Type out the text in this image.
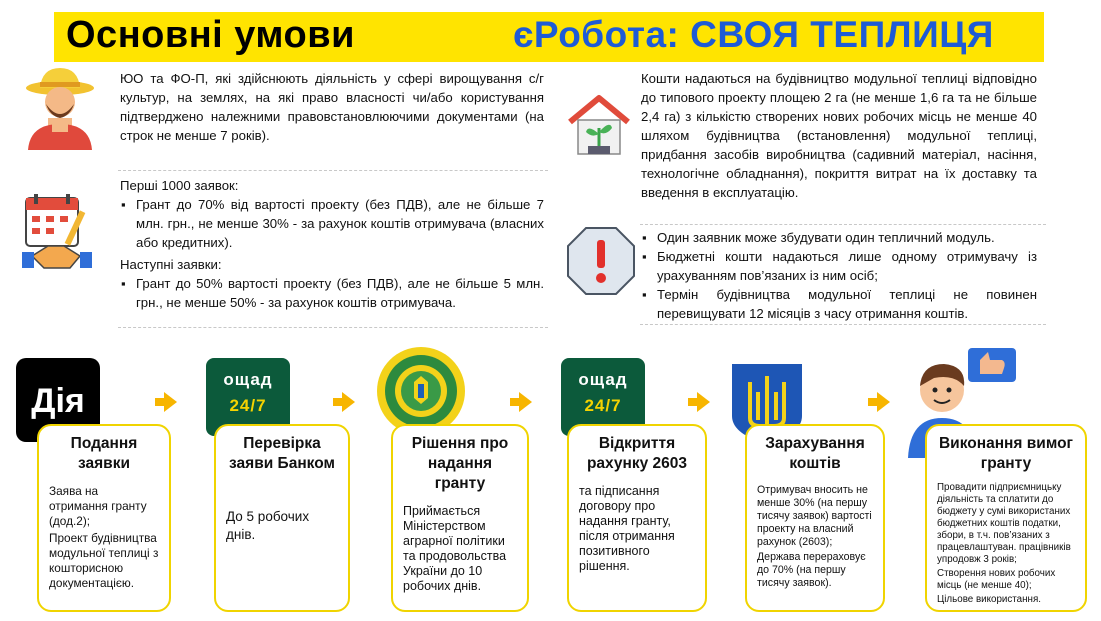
Основні умови	єРобота: СВОЯ ТЕПЛИЦЯ
ЮО та ФО-П, які здійснюють діяльність у сфері вирощування с/г культур, на землях, на які право власності чи/або користування підтверджено належними правовстановлюючими документами (на строк не менше 7 років).
Перші 1000 заявок:
▪ Грант до 70% від вартості проекту (без ПДВ), але не більше 7 млн. грн., не менше 30% - за рахунок коштів отримувача (власних або кредитних).
Наступні заявки:
▪ Грант до 50% вартості проекту (без ПДВ), але не більше 5 млн. грн., не менше 50% - за рахунок коштів отримувача.
Кошти надаються на будівництво модульної теплиці відповідно до типового проекту площею 2 га (не менше 1,6 га та не більше 2,4 га) з кількістю створених нових робочих місць не менше 40 шляхом будівництва (встановлення) модульної теплиці, придбання засобів виробництва (садивний матеріал, насіння, технологічне обладнання), покриття витрат на їх доставку та введення в експлуатацію.
▪ Один заявник може збудувати один тепличний модуль.
▪ Бюджетні кошти надаються лише одному отримувачу із урахуванням пов’язаних із ним осіб;
▪ Термін будівництва модульної теплиці не повинен перевищувати 12 місяців з часу отримання коштів.
Дія
ощад
24/7
ощад
24/7
Подання заявки

Заява на отримання гранту (дод.2);

Проект будівництва модульної теплиці з кошторисною документацією.

Перевірка заяви Банком

До 5 робочих днів.

Рішення про надання гранту

Приймається Міністерством аграрної політики та продовольства України до 10 робочих днів.

Відкриття рахунку 2603

та підписання договору про надання гранту, після отримання позитивного рішення.

Зарахування коштів

Отримувач вносить не менше 30% (на першу тисячу заявок) вартості проекту на власний рахунок (2603);

Держава перераховує до 70% (на першу тисячу заявок).

Виконання вимог гранту

Провадити підприємницьку діяльність та сплатити до бюджету у сумі використаних бюджетних коштів податки, збори, в т.ч. пов’язаних з працевлаштуван. працівників упродовж 3 років;

Створення нових робочих місць (не менше 40);

Цільове використання.
